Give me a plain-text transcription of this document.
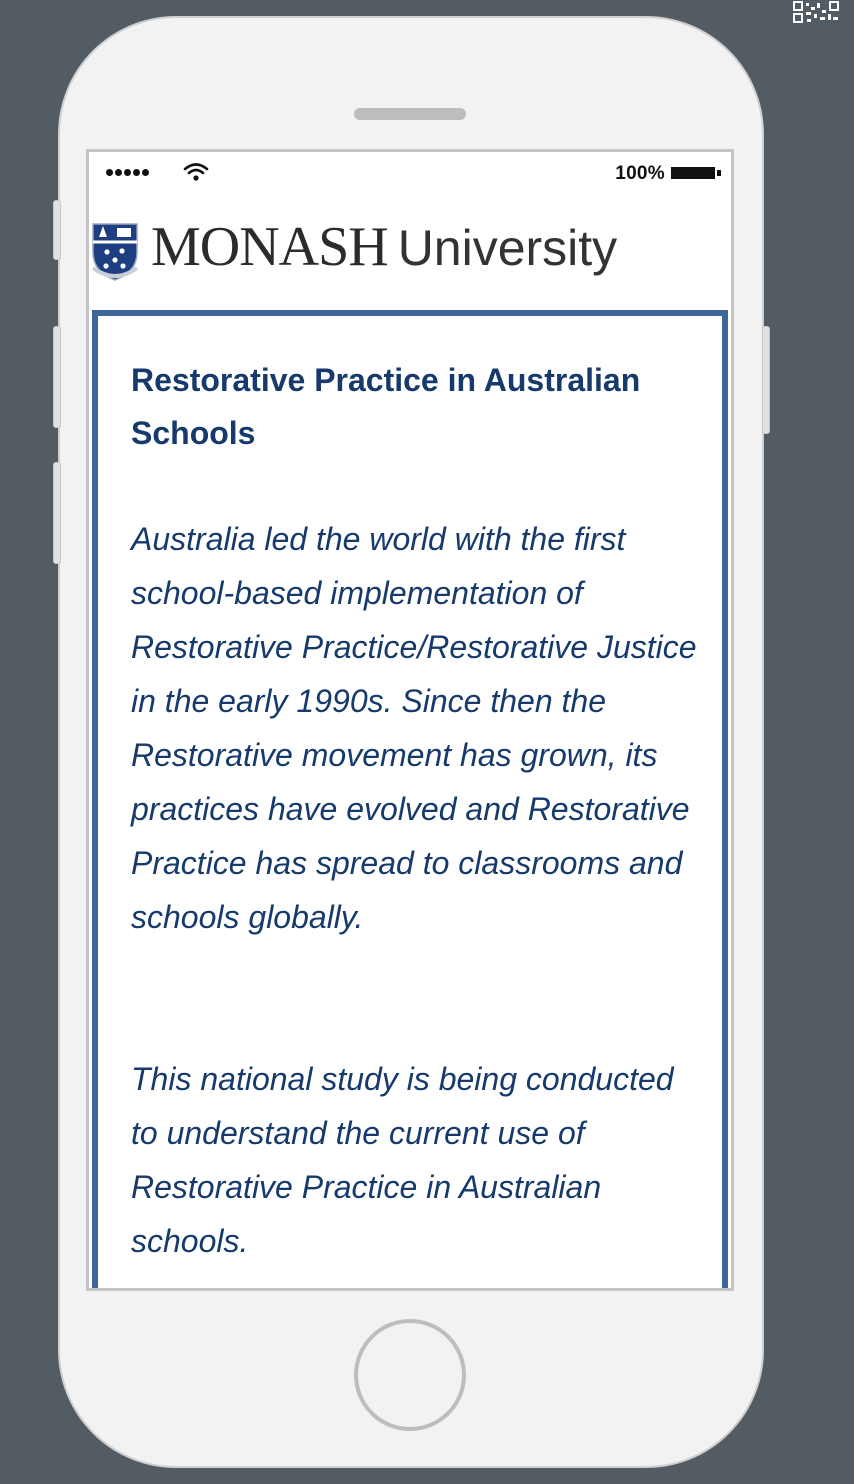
100%
MONASH University
Restorative Practice in Australian Schools

Australia led the world with the first school-based implementation of Restorative Practice/Restorative Justice in the early 1990s. Since then the Restorative movement has grown, its practices have evolved and Restorative Practice has spread to classrooms and schools globally.

This national study is being conducted to understand the current use of Restorative Practice in Australian schools.
